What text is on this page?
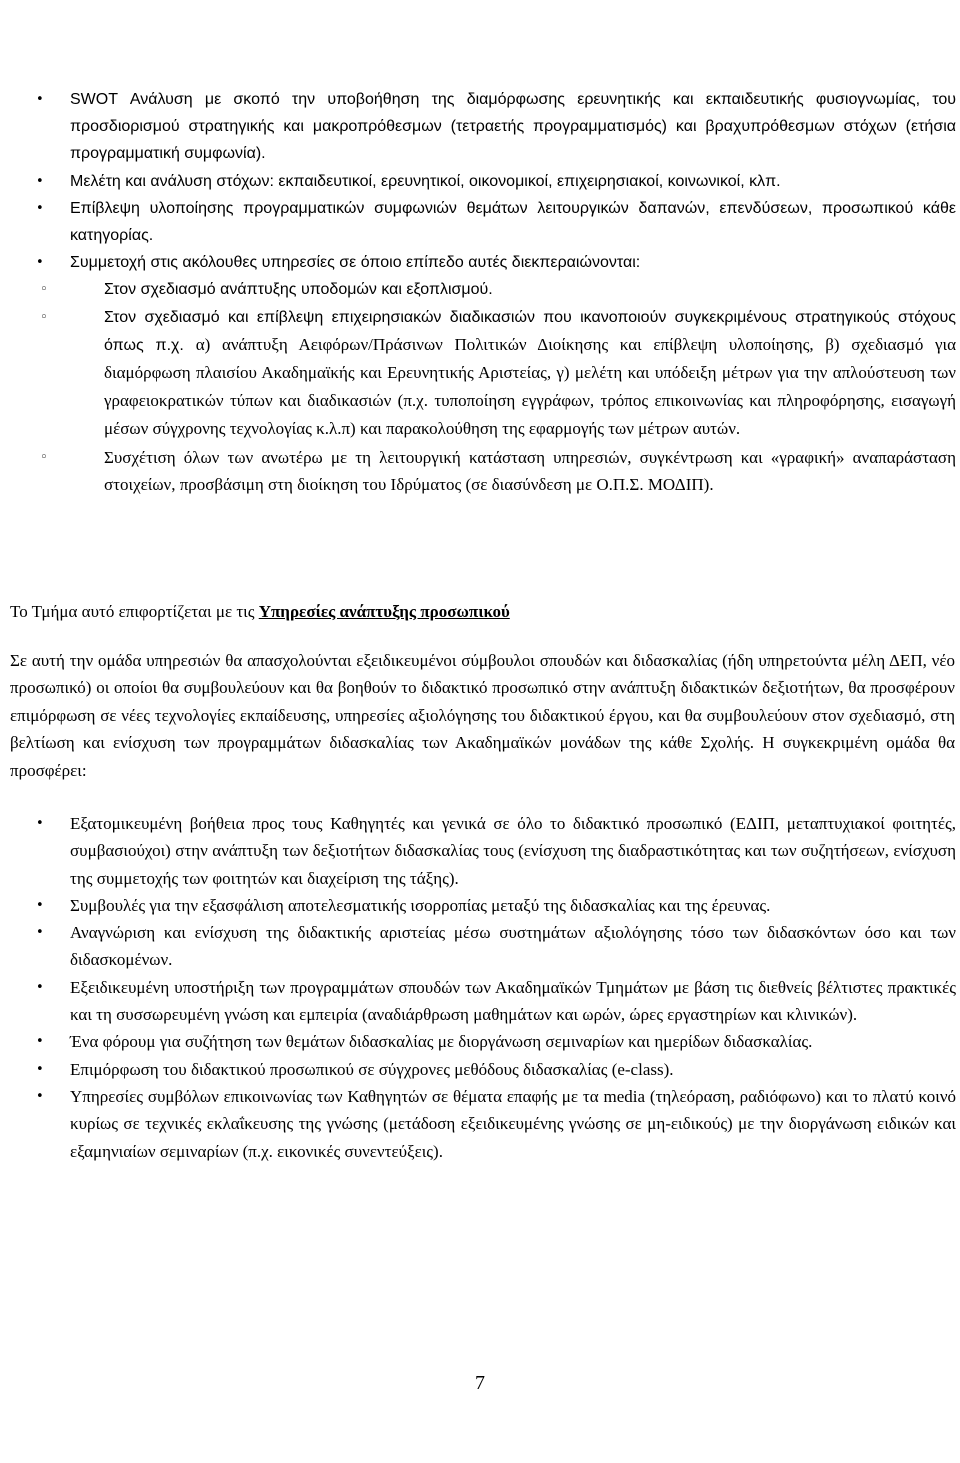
• SWOT Ανάλυση με σκοπό την υποβοήθηση της διαμόρφωσης ερευνητικής και εκπαιδευτικής φυσιογνωμίας, του προσδιορισμού στρατηγικής και μακροπρόθεσμων (τετραετής προγραμματισμός) και βραχυπρόθεσμων στόχων (ετήσια προγραμματική συμφωνία).
• Μελέτη και ανάλυση στόχων: εκπαιδευτικοί, ερευνητικοί, οικονομικοί, επιχειρησιακοί, κοινωνικοί, κλπ.
• Επίβλεψη υλοποίησης προγραμματικών συμφωνιών θεμάτων λειτουργικών δαπανών, επενδύσεων, προσωπικού κάθε κατηγορίας.
• Συμμετοχή στις ακόλουθες υπηρεσίες σε όποιο επίπεδο αυτές διεκπεραιώνονται:
◦	Στον σχεδιασμό ανάπτυξης υποδομών και εξοπλισμού.
◦	Στον σχεδιασμό και επίβλεψη επιχειρησιακών διαδικασιών που ικανοποιούν συγκεκριμένους στρατηγικούς στόχους όπως π.χ. α) ανάπτυξη Αειφόρων/Πράσινων Πολιτικών Διοίκησης και επίβλεψη υλοποίησης, β) σχεδιασμό για διαμόρφωση πλαισίου Ακαδημαϊκής και Ερευνητικής Αριστείας, γ) μελέτη και υπόδειξη μέτρων για την απλούστευση των γραφειοκρατικών τύπων και διαδικασιών (π.χ. τυποποίηση εγγράφων, τρόπος επικοινωνίας και πληροφόρησης, εισαγωγή μέσων σύγχρονης τεχνολογίας κ.λ.π) και παρακολούθηση της εφαρμογής των μέτρων αυτών.
◦	Συσχέτιση όλων των ανωτέρω με τη λειτουργική κατάσταση υπηρεσιών, συγκέντρωση και «γραφική» αναπαράσταση στοιχείων, προσβάσιμη στη διοίκηση του Ιδρύματος (σε διασύνδεση με Ο.Π.Σ. ΜΟΔΙΠ).
Το Τμήμα αυτό επιφορτίζεται με τις Υπηρεσίες ανάπτυξης προσωπικού

Σε αυτή την ομάδα υπηρεσιών θα απασχολούνται εξειδικευμένοι σύμβουλοι σπουδών και διδασκαλίας (ήδη υπηρετούντα μέλη ΔΕΠ, νέο προσωπικό) οι οποίοι θα συμβουλεύουν και θα βοηθούν το διδακτικό προσωπικό στην ανάπτυξη διδακτικών δεξιοτήτων, θα προσφέρουν επιμόρφωση σε νέες τεχνολογίες εκπαίδευσης, υπηρεσίες αξιολόγησης του διδακτικού έργου, και θα συμβουλεύουν στον σχεδιασμό, στη βελτίωση και ενίσχυση των προγραμμάτων διδασκαλίας των Ακαδημαϊκών μονάδων της κάθε Σχολής. Η συγκεκριμένη ομάδα θα προσφέρει:

• Εξατομικευμένη βοήθεια προς τους Καθηγητές και γενικά σε όλο το διδακτικό προσωπικό (ΕΔΙΠ, μεταπτυχιακοί φοιτητές, συμβασιούχοι) στην ανάπτυξη των δεξιοτήτων διδασκαλίας τους (ενίσχυση της διαδραστικότητας και των συζητήσεων, ενίσχυση της συμμετοχής των φοιτητών και διαχείριση της τάξης).
• Συμβουλές για την εξασφάλιση αποτελεσματικής ισορροπίας μεταξύ της διδασκαλίας και της έρευνας.
• Αναγνώριση και ενίσχυση της διδακτικής αριστείας μέσω συστημάτων αξιολόγησης τόσο των διδασκόντων όσο και των διδασκομένων.
• Εξειδικευμένη υποστήριξη των προγραμμάτων σπουδών των Ακαδημαϊκών Τμημάτων με βάση τις διεθνείς βέλτιστες πρακτικές και τη συσσωρευμένη γνώση και εμπειρία (αναδιάρθρωση μαθημάτων και ωρών, ώρες εργαστηρίων και κλινικών).
• Ένα φόρουμ για συζήτηση των θεμάτων διδασκαλίας με διοργάνωση σεμιναρίων και ημερίδων διδασκαλίας.
• Επιμόρφωση του διδακτικού προσωπικού σε σύγχρονες μεθόδους διδασκαλίας (e-class).
• Υπηρεσίες συμβόλων επικοινωνίας των Καθηγητών σε θέματα επαφής με τα media (τηλεόραση, ραδιόφωνο) και το πλατύ κοινό κυρίως σε τεχνικές εκλαΐκευσης της γνώσης (μετάδοση εξειδικευμένης γνώσης σε μη-ειδικούς) με την διοργάνωση ειδικών και εξαμηνιαίων σεμιναρίων (π.χ. εικονικές συνεντεύξεις).
7
